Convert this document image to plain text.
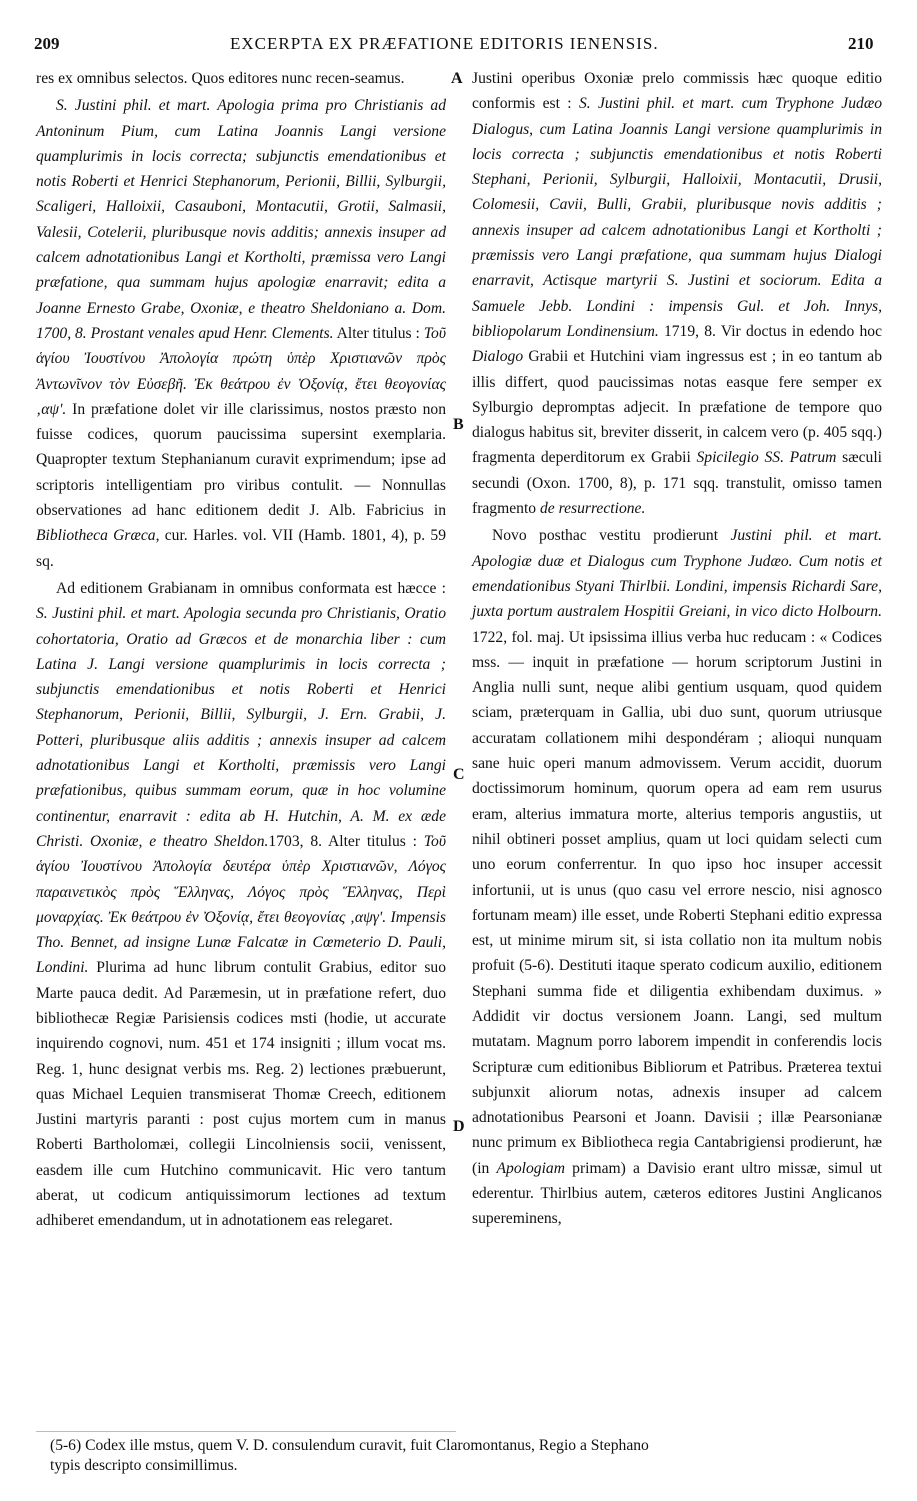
209	EXCERPTA EX PRÆFATIONE EDITORIS IENENSIS.	210

res ex omnibus selectos. Quos editores nunc recen-seamus.

S. Justini phil. et mart. Apologia prima pro Christianis ad Antoninum Pium, cum Latina Joannis Langi versione quamplurimis in locis correcta; subjunctis emendationibus et notis Roberti et Henrici Stephanorum, Perionii, Billii, Sylburgii, Scaligeri, Halloixii, Casauboni, Montacutii, Grotii, Salmasii, Valesii, Cotelerii, pluribusque novis additis; annexis insuper ad calcem adnotationibus Langi et Kortholti, præmissa vero Langi præfatione, qua summam hujus apologiæ enarravit; edita a Joanne Ernesto Grabe, Oxoniæ, e theatro Sheldoniano a. Dom. 1700, 8. Prostant venales apud Henr. Clements. Alter titulus : Τοῦ ἁγίου Ἰουστίνου Ἀπολογία πρώτη ὑπὲρ Χριστιανῶν πρὸς Ἀντωνῖνον τὸν Εὐσεβῆ. Ἐκ θεάτρου ἐν Ὀξονίᾳ, ἔτει θεογονίας ‚αψʹ. In præfatione dolet vir ille clarissimus, nostos præsto non fuisse codices, quorum paucissima supersint exemplaria. Quapropter textum Stephanianum curavit exprimendum; ipse ad scriptoris intelligentiam pro viribus contulit. — Nonnullas observationes ad hanc editionem dedit J. Alb. Fabricius in Bibliotheca Græca, cur. Harles. vol. VII (Hamb. 1801, 4), p. 59 sq.

Ad editionem Grabianam in omnibus conformata est hæcce : S. Justini phil. et mart. Apologia secunda pro Christianis, Oratio cohortatoria, Oratio ad Græcos et de monarchia liber : cum Latina J. Langi versione quamplurimis in locis correcta ; subjunctis emendationibus et notis Roberti et Henrici Stephanorum, Perionii, Billii, Sylburgii, J. Ern. Grabii, J. Potteri, pluribusque aliis additis ; annexis insuper ad calcem adnotationibus Langi et Kortholti, præmissis vero Langi præfationibus, quibus summam eorum, quæ in hoc volumine continentur, enarravit : edita ab H. Hutchin, A. M. ex æde Christi. Oxoniæ, e theatro Sheldon.1703, 8. Alter titulus : Τοῦ ἁγίου Ἰουστίνου Ἀπολογία δευτέρα ὑπὲρ Χριστιανῶν, Λόγος παραινετικὸς πρὸς Ἕλληνας, Λόγος πρὸς Ἕλληνας, Περὶ μοναρχίας. Ἐκ θεάτρου ἐν Ὀξονίᾳ, ἔτει θεογονίας ‚αψγʹ. Impensis Tho. Bennet, ad insigne Lunæ Falcatæ in Cœmeterio D. Pauli, Londini. Plurima ad hunc librum contulit Grabius, editor suo Marte pauca dedit. Ad Paræmesin, ut in præfatione refert, duo bibliothecæ Regiæ Parisiensis codices msti (hodie, ut accurate inquirendo cognovi, num. 451 et 174 insigniti ; illum vocat ms. Reg. 1, hunc designat verbis ms. Reg. 2) lectiones præbuerunt, quas Michael Lequien transmiserat Thomæ Creech, editionem Justini martyris paranti : post cujus mortem cum in manus Roberti Bartholomæi, collegii Lincolniensis socii, venissent, easdem ille cum Hutchino communicavit. Hic vero tantum aberat, ut codicum antiquissimorum lectiones ad textum adhiberet emendandum, ut in adnotationem eas relegaret.

Justini operibus Oxoniæ prelo commissis hæc quoque editio conformis est : S. Justini phil. et mart. cum Tryphone Judæo Dialogus, cum Latina Joannis Langi versione quamplurimis in locis correcta ; subjunctis emendationibus et notis Roberti Stephani, Perionii, Sylburgii, Halloixii, Montacutii, Drusii, Colomesii, Cavii, Bulli, Grabii, pluribusque novis additis ; annexis insuper ad calcem adnotationibus Langi et Kortholti ; præmissis vero Langi præfatione, qua summam hujus Dialogi enarravit, Actisque martyrii S. Justini et sociorum. Edita a Samuele Jebb. Londini : impensis Gul. et Joh. Innys, bibliopolarum Londinensium. 1719, 8. Vir doctus in edendo hoc Dialogo Grabii et Hutchini viam ingressus est ; in eo tantum ab illis differt, quod paucissimas notas easque fere semper ex Sylburgio depromptas adjecit. In præfatione de tempore quo dialogus habitus sit, breviter disserit, in calcem vero (p. 405 sqq.) fragmenta deperditorum ex Grabii Spicilegio SS. Patrum sæculi secundi (Oxon. 1700, 8), p. 171 sqq. transtulit, omisso tamen fragmento de resurrectione.

Novo posthac vestitu prodierunt Justini phil. et mart. Apologiæ duæ et Dialogus cum Tryphone Judæo. Cum notis et emendationibus Styani Thirlbii. Londini, impensis Richardi Sare, juxta portum australem Hospitii Greiani, in vico dicto Holbourn. 1722, fol. maj. Ut ipsissima illius verba huc reducam : « Codices mss. — inquit in præfatione — horum scriptorum Justini in Anglia nulli sunt, neque alibi gentium usquam, quod quidem sciam, præterquam in Gallia, ubi duo sunt, quorum utriusque accuratam collationem mihi despondéram ; alioqui nunquam sane huic operi manum admovissem. Verum accidit, duorum doctissimorum hominum, quorum opera ad eam rem usurus eram, alterius immatura morte, alterius temporis angustiis, ut nihil obtineri posset amplius, quam ut loci quidam selecti cum uno eorum conferrentur. In quo ipso hoc insuper accessit infortunii, ut is unus (quo casu vel errore nescio, nisi agnosco fortunam meam) ille esset, unde Roberti Stephani editio expressa est, ut minime mirum sit, si ista collatio non ita multum nobis profuit (5-6). Destituti itaque sperato codicum auxilio, editionem Stephani summa fide et diligentia exhibendam duximus. » Addidit vir doctus versionem Joann. Langi, sed multum mutatam. Magnum porro laborem impendit in conferendis locis Scripturæ cum editionibus Bibliorum et Patribus. Præterea textui subjunxit aliorum notas, adnexis insuper ad calcem adnotationibus Pearsoni et Joann. Davisii ; illæ Pearsonianæ nunc primum ex Bibliotheca regia Cantabrigiensi prodierunt, hæ (in Apologiam primam) a Davisio erant ultro missæ, simul ut ederentur. Thirlbius autem, cæteros editores Justini Anglicanos supereminens,

A
B
C
D
(5-6) Codex ille mstus, quem V. D. consulendum curavit, fuit Claromontanus, Regio a Stephano
typis descripto consimillimus.
